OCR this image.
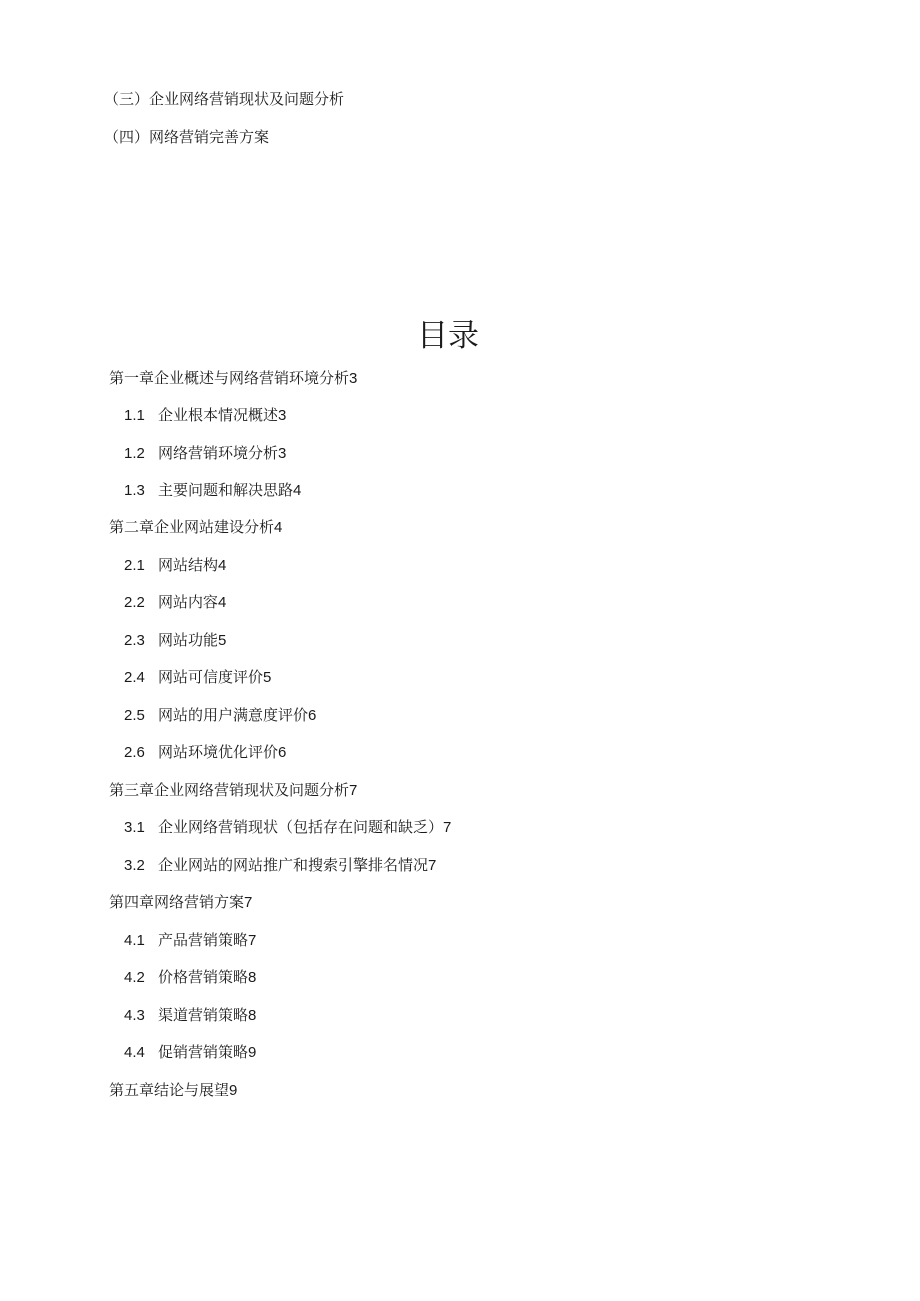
（三）企业网络营销现状及问题分析
（四）网络营销完善方案
目录
第一章企业概述与网络营销环境分析3
1.1 企业根本情况概述3
1.2 网络营销环境分析3
1.3 主要问题和解决思路4
第二章企业网站建设分析4
2.1 网站结构4
2.2 网站内容4
2.3 网站功能5
2.4 网站可信度评价5
2.5 网站的用户满意度评价6
2.6 网站环境优化评价6
第三章企业网络营销现状及问题分析7
3.1 企业网络营销现状（包括存在问题和缺乏）7
3.2 企业网站的网站推广和搜索引擎排名情况7
第四章网络营销方案7
4.1 产品营销策略7
4.2 价格营销策略8
4.3 渠道营销策略8
4.4 促销营销策略9
第五章结论与展望9
